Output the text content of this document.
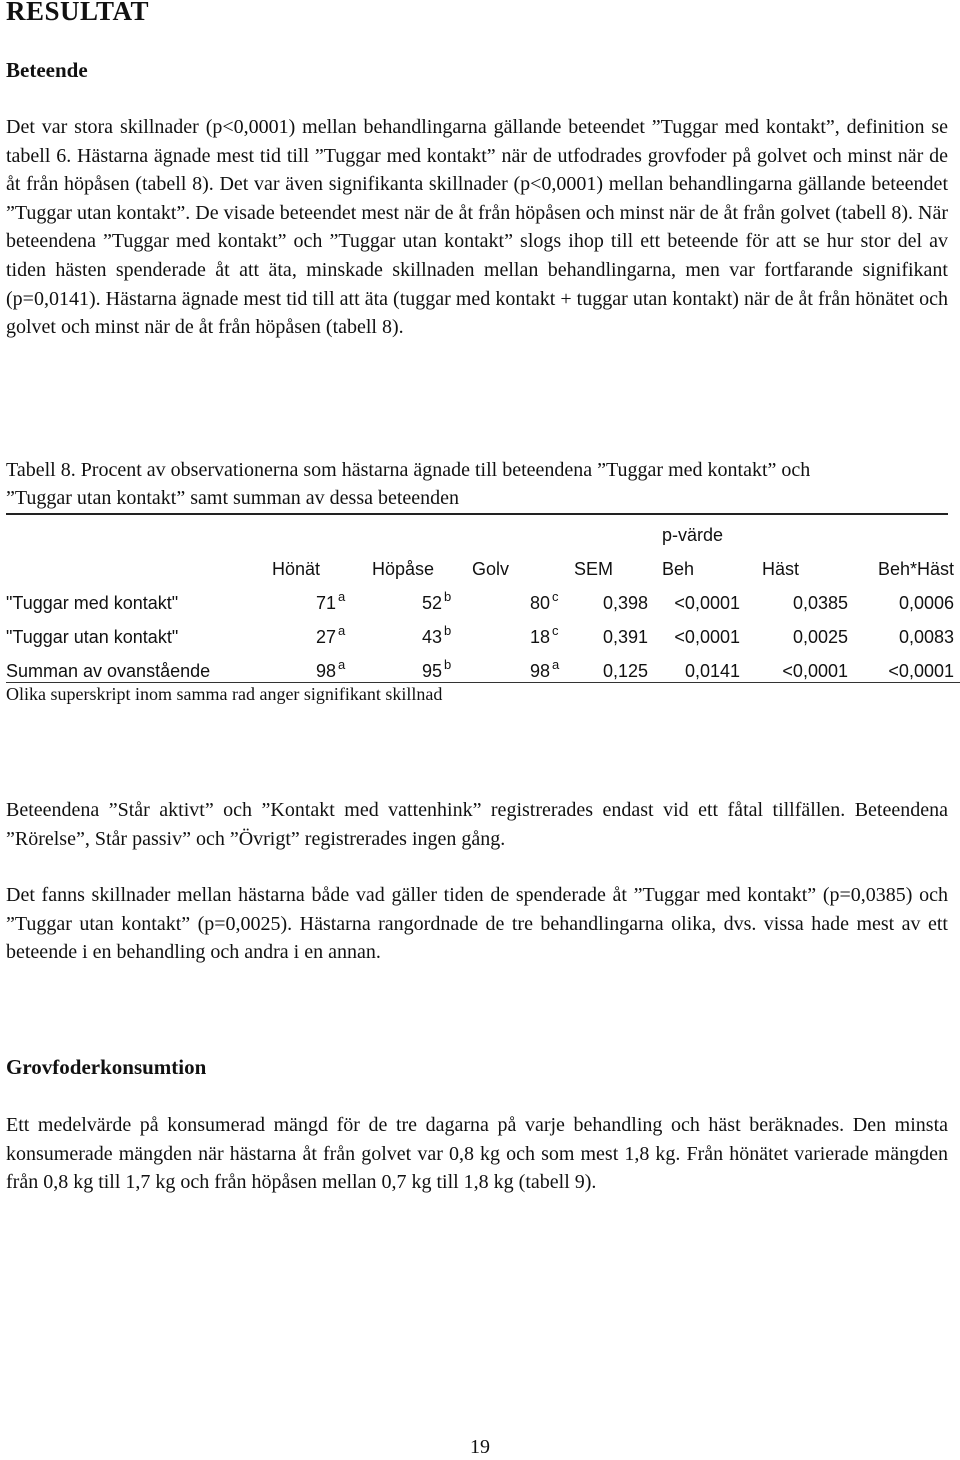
RESULTAT
Beteende

Det var stora skillnader (p<0,0001) mellan behandlingarna gällande beteendet ”Tuggar med kontakt”, definition se tabell 6. Hästarna ägnade mest tid till ”Tuggar med kontakt” när de utfodrades grovfoder på golvet och minst när de åt från höpåsen (tabell 8). Det var även signifikanta skillnader (p<0,0001) mellan behandlingarna gällande beteendet ”Tuggar utan kontakt”. De visade beteendet mest när de åt från höpåsen och minst när de åt från golvet (tabell 8). När beteendena ”Tuggar med kontakt” och ”Tuggar utan kontakt” slogs ihop till ett beteende för att se hur stor del av tiden hästen spenderade åt att äta, minskade skillnaden mellan behandlingarna, men var fortfarande signifikant (p=0,0141). Hästarna ägnade mest tid till att äta (tuggar med kontakt + tuggar utan kontakt) när de åt från hönätet och golvet och minst när de åt från höpåsen (tabell 8).

Tabell 8. Procent av observationerna som hästarna ägnade till beteendena ”Tuggar med kontakt” och

”Tuggar utan kontakt” samt summan av dessa beteenden

					p-värde		
	Hönät	Höpåse	Golv	SEM	Beh	Häst	Beh*Häst
"Tuggar med kontakt"	71 $^a$	52 $^b$	80 $^c$	0,398	<0,0001	0,0385	0,0006
"Tuggar utan kontakt"	27 $^a$	43 $^b$	18 $^c$	0,391	<0,0001	0,0025	0,0083
Summan av ovanstående	98 $^a$	95 $^b$	98 $^a$	0,125	0,0141	<0,0001	<0,0001
Olika superskript inom samma rad anger signifikant skillnad

Beteendena ”Står aktivt” och ”Kontakt med vattenhink” registrerades endast vid ett fåtal tillfällen. Beteendena ”Rörelse”, Står passiv” och ”Övrigt” registrerades ingen gång.

Det fanns skillnader mellan hästarna både vad gäller tiden de spenderade åt ”Tuggar med kontakt” (p=0,0385) och ”Tuggar utan kontakt” (p=0,0025). Hästarna rangordnade de tre behandlingarna olika, dvs. vissa hade mest av ett beteende i en behandling och andra i en annan.

Grovfoderkonsumtion

Ett medelvärde på konsumerad mängd för de tre dagarna på varje behandling och häst beräknades. Den minsta konsumerade mängden när hästarna åt från golvet var 0,8 kg och som mest 1,8 kg. Från hönätet varierade mängden från 0,8 kg till 1,7 kg och från höpåsen mellan 0,7 kg till 1,8 kg (tabell 9).

19
